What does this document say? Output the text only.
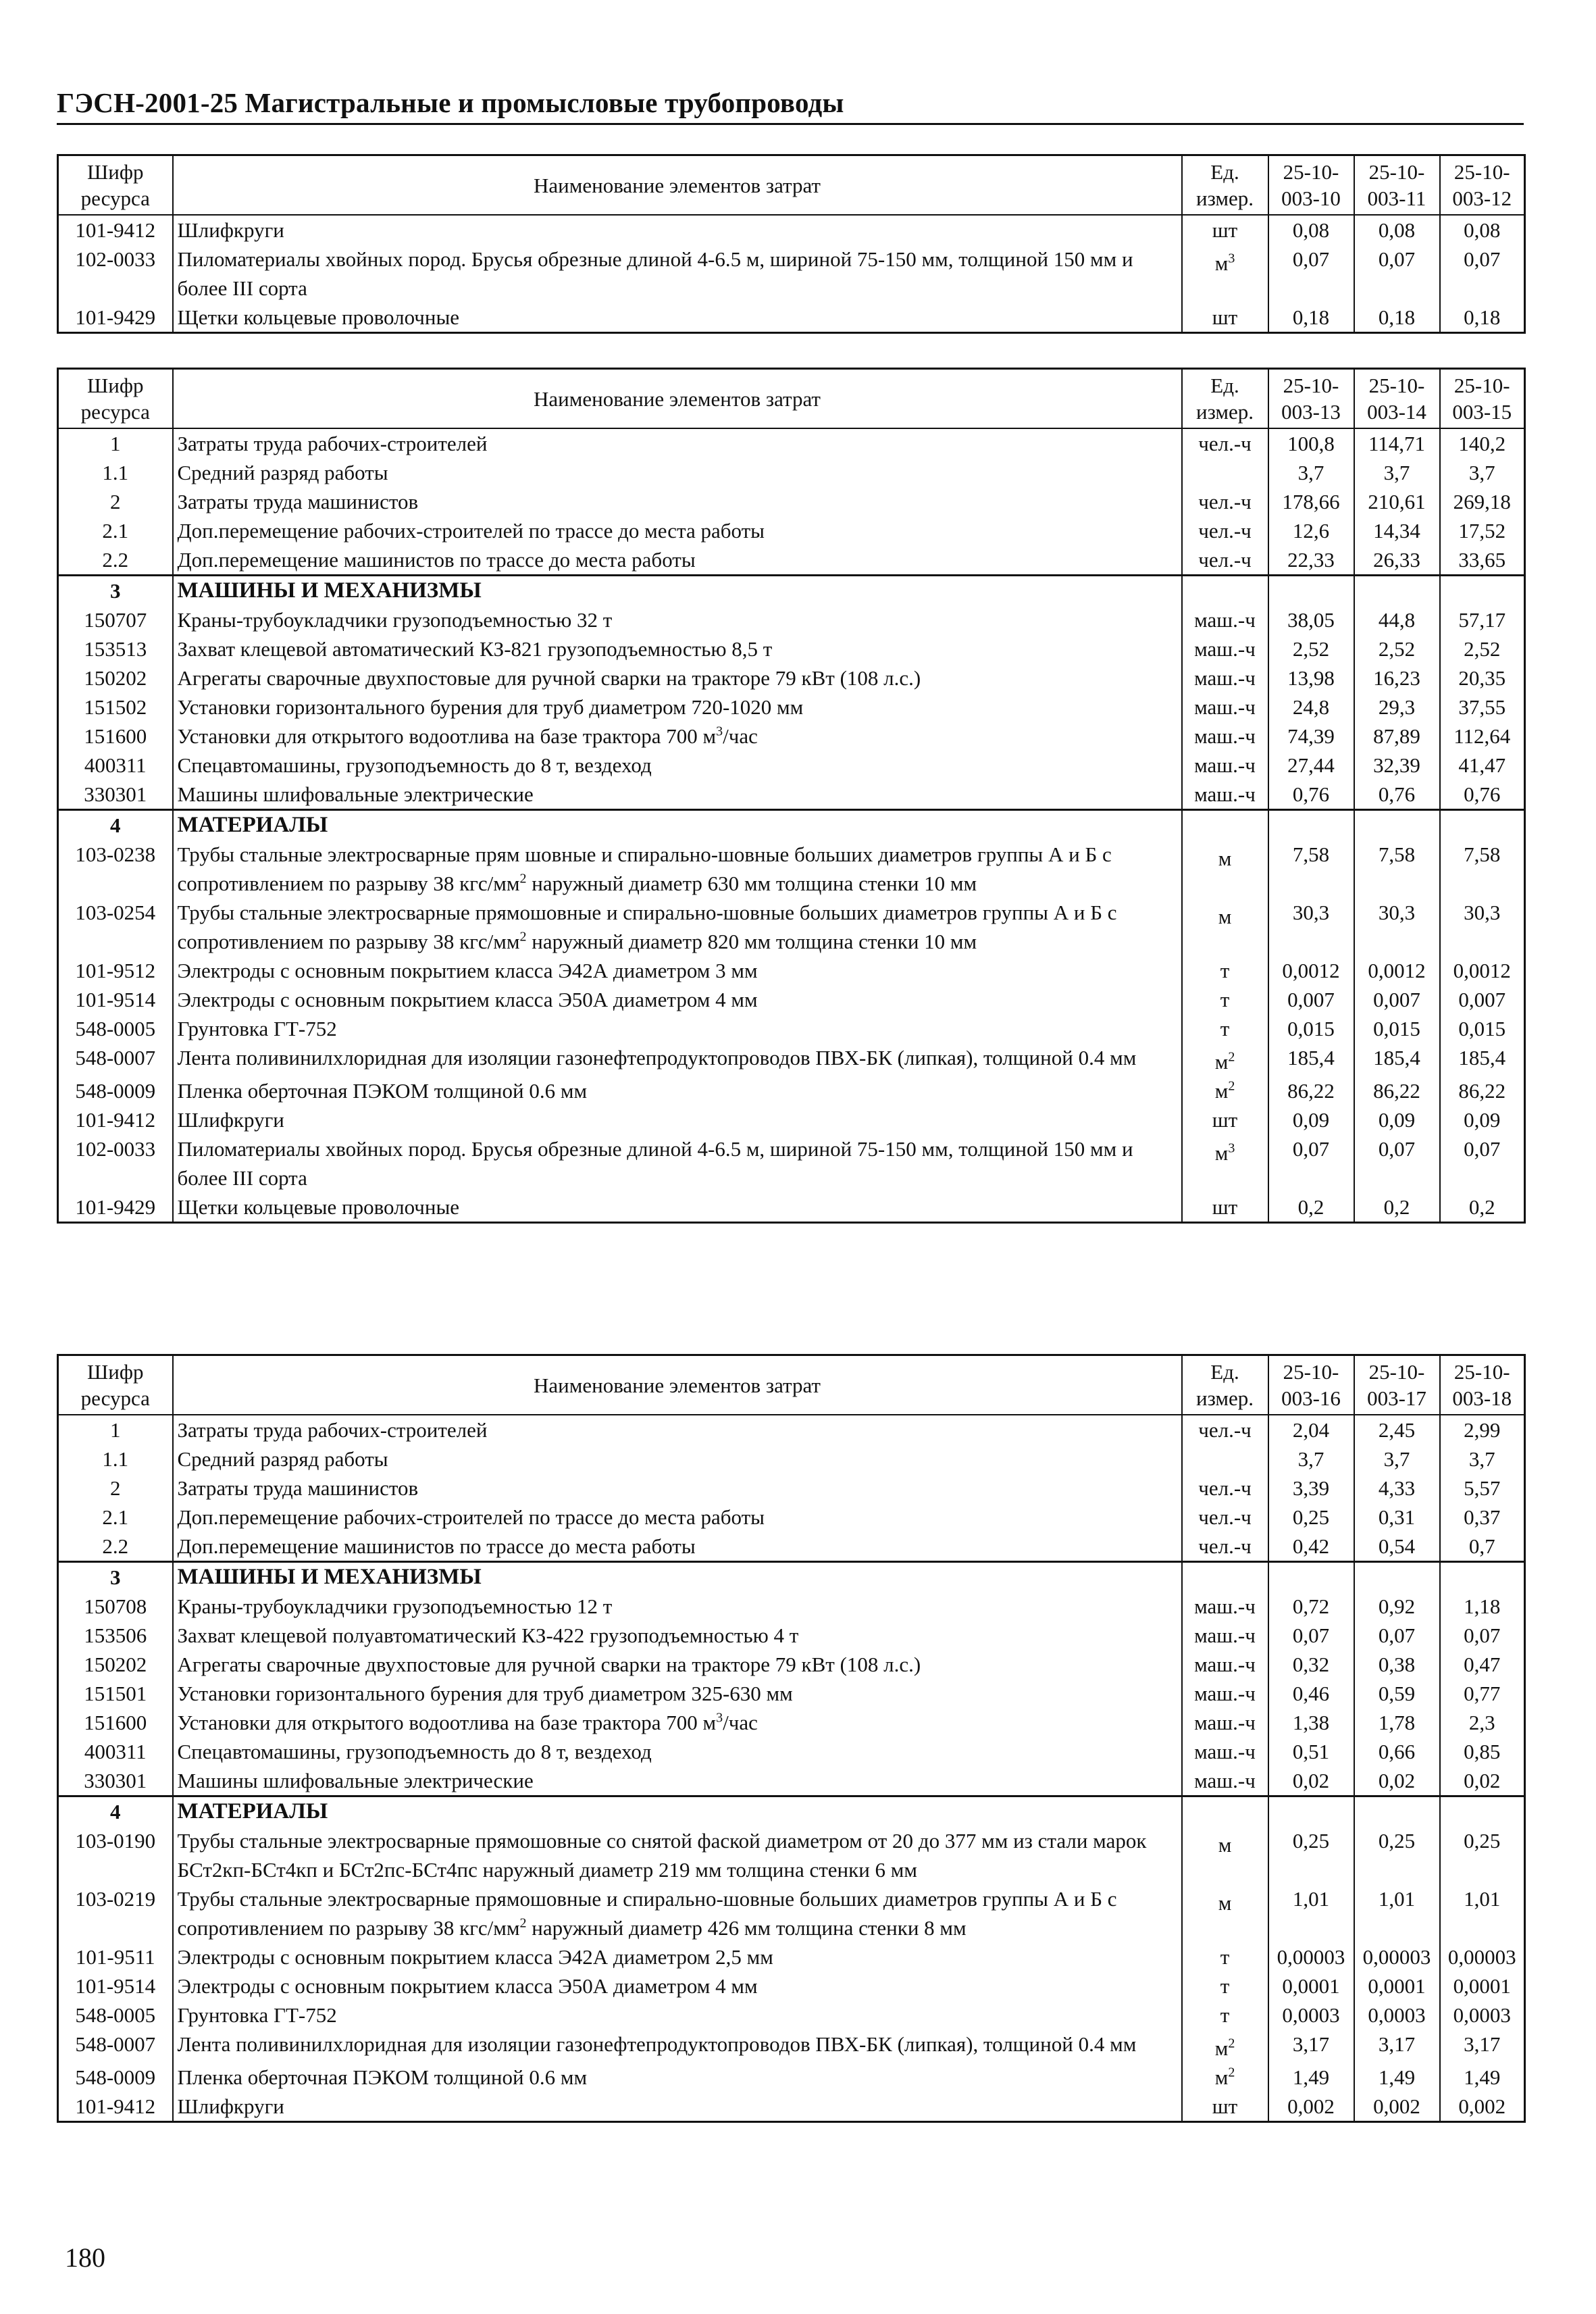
ГЭСН-2001-25 Магистральные и промысловые трубопроводы
Шифр ресурса	Наименование элементов затрат	Ед. измер.	25-10-003-10	25-10-003-11	25-10-003-12
101-9412	Шлифкруги	шт	0,08	0,08	0,08
102-0033	Пиломатериалы хвойных пород. Брусья обрезные длиной 4-6.5 м, шириной 75-150 мм, толщиной 150 мм и более III сорта	$м^3$	0,07	0,07	0,07
101-9429	Щетки кольцевые проволочные	шт	0,18	0,18	0,18
Шифр ресурса	Наименование элементов затрат	Ед. измер.	25-10-003-13	25-10-003-14	25-10-003-15
1	Затраты труда рабочих-строителей	чел.-ч	100,8	114,71	140,2
1.1	Средний разряд работы		3,7	3,7	3,7
2	Затраты труда машинистов	чел.-ч	178,66	210,61	269,18
2.1	Доп.перемещение рабочих-строителей по трассе до места работы	чел.-ч	12,6	14,34	17,52
2.2	Доп.перемещение машинистов по трассе до места работы	чел.-ч	22,33	26,33	33,65
3	МАШИНЫ И МЕХАНИЗМЫ				
150707	Краны-трубоукладчики грузоподъемностью 32 т	маш.-ч	38,05	44,8	57,17
153513	Захват клещевой автоматический КЗ-821 грузоподъемностью 8,5 т	маш.-ч	2,52	2,52	2,52
150202	Агрегаты сварочные двухпостовые для ручной сварки на тракторе 79 кВт (108 л.с.)	маш.-ч	13,98	16,23	20,35
151502	Установки горизонтального бурения для труб диаметром 720-1020 мм	маш.-ч	24,8	29,3	37,55
151600	Установки для открытого водоотлива на базе трактора 700 $м^3$/час	маш.-ч	74,39	87,89	112,64
400311	Спецавтомашины, грузоподъемность до 8 т, вездеход	маш.-ч	27,44	32,39	41,47
330301	Машины шлифовальные электрические	маш.-ч	0,76	0,76	0,76
4	МАТЕРИАЛЫ				
103-0238	Трубы стальные электросварные прям шовные и спирально-шовные больших диаметров группы А и Б с сопротивлением по разрыву 38 кгс/$мм^2$ наружный диаметр 630 мм толщина стенки 10 мм	м	7,58	7,58	7,58
103-0254	Трубы стальные электросварные прямошовные и спирально-шовные больших диаметров группы А и Б с сопротивлением по разрыву 38 кгс/$мм^2$ наружный диаметр 820 мм толщина стенки 10 мм	м	30,3	30,3	30,3
101-9512	Электроды с основным покрытием класса Э42А диаметром 3 мм	т	0,0012	0,0012	0,0012
101-9514	Электроды с основным покрытием класса Э50А диаметром 4 мм	т	0,007	0,007	0,007
548-0005	Грунтовка ГТ-752	т	0,015	0,015	0,015
548-0007	Лента поливинилхлоридная для изоляции газонефтепродуктопроводов ПВХ-БК (липкая), толщиной 0.4 мм	$м^2$	185,4	185,4	185,4
548-0009	Пленка оберточная ПЭКОМ толщиной 0.6 мм	$м^2$	86,22	86,22	86,22
101-9412	Шлифкруги	шт	0,09	0,09	0,09
102-0033	Пиломатериалы хвойных пород. Брусья обрезные длиной 4-6.5 м, шириной 75-150 мм, толщиной 150 мм и более III сорта	$м^3$	0,07	0,07	0,07
101-9429	Щетки кольцевые проволочные	шт	0,2	0,2	0,2
Шифр ресурса	Наименование элементов затрат	Ед. измер.	25-10-003-16	25-10-003-17	25-10-003-18
1	Затраты труда рабочих-строителей	чел.-ч	2,04	2,45	2,99
1.1	Средний разряд работы		3,7	3,7	3,7
2	Затраты труда машинистов	чел.-ч	3,39	4,33	5,57
2.1	Доп.перемещение рабочих-строителей по трассе до места работы	чел.-ч	0,25	0,31	0,37
2.2	Доп.перемещение машинистов по трассе до места работы	чел.-ч	0,42	0,54	0,7
3	МАШИНЫ И МЕХАНИЗМЫ				
150708	Краны-трубоукладчики грузоподъемностью 12 т	маш.-ч	0,72	0,92	1,18
153506	Захват клещевой полуавтоматический КЗ-422 грузоподъемностью 4 т	маш.-ч	0,07	0,07	0,07
150202	Агрегаты сварочные двухпостовые для ручной сварки на тракторе 79 кВт (108 л.с.)	маш.-ч	0,32	0,38	0,47
151501	Установки горизонтального бурения для труб диаметром 325-630 мм	маш.-ч	0,46	0,59	0,77
151600	Установки для открытого водоотлива на базе трактора 700 $м^3$/час	маш.-ч	1,38	1,78	2,3
400311	Спецавтомашины, грузоподъемность до 8 т, вездеход	маш.-ч	0,51	0,66	0,85
330301	Машины шлифовальные электрические	маш.-ч	0,02	0,02	0,02
4	МАТЕРИАЛЫ				
103-0190	Трубы стальные электросварные прямошовные со снятой фаской диаметром от 20 до 377 мм из стали марок БСт2кп-БСт4кп и БСт2пс-БСт4пс наружный диаметр 219 мм толщина стенки 6 мм	м	0,25	0,25	0,25
103-0219	Трубы стальные электросварные прямошовные и спирально-шовные больших диаметров группы А и Б с сопротивлением по разрыву 38 кгс/$мм^2$ наружный диаметр 426 мм толщина стенки 8 мм	м	1,01	1,01	1,01
101-9511	Электроды с основным покрытием класса Э42А диаметром 2,5 мм	т	0,00003	0,00003	0,00003
101-9514	Электроды с основным покрытием класса Э50А диаметром 4 мм	т	0,0001	0,0001	0,0001
548-0005	Грунтовка ГТ-752	т	0,0003	0,0003	0,0003
548-0007	Лента поливинилхлоридная для изоляции газонефтепродуктопроводов ПВХ-БК (липкая), толщиной 0.4 мм	$м^2$	3,17	3,17	3,17
548-0009	Пленка оберточная ПЭКОМ толщиной 0.6 мм	$м^2$	1,49	1,49	1,49
101-9412	Шлифкруги	шт	0,002	0,002	0,002
180
